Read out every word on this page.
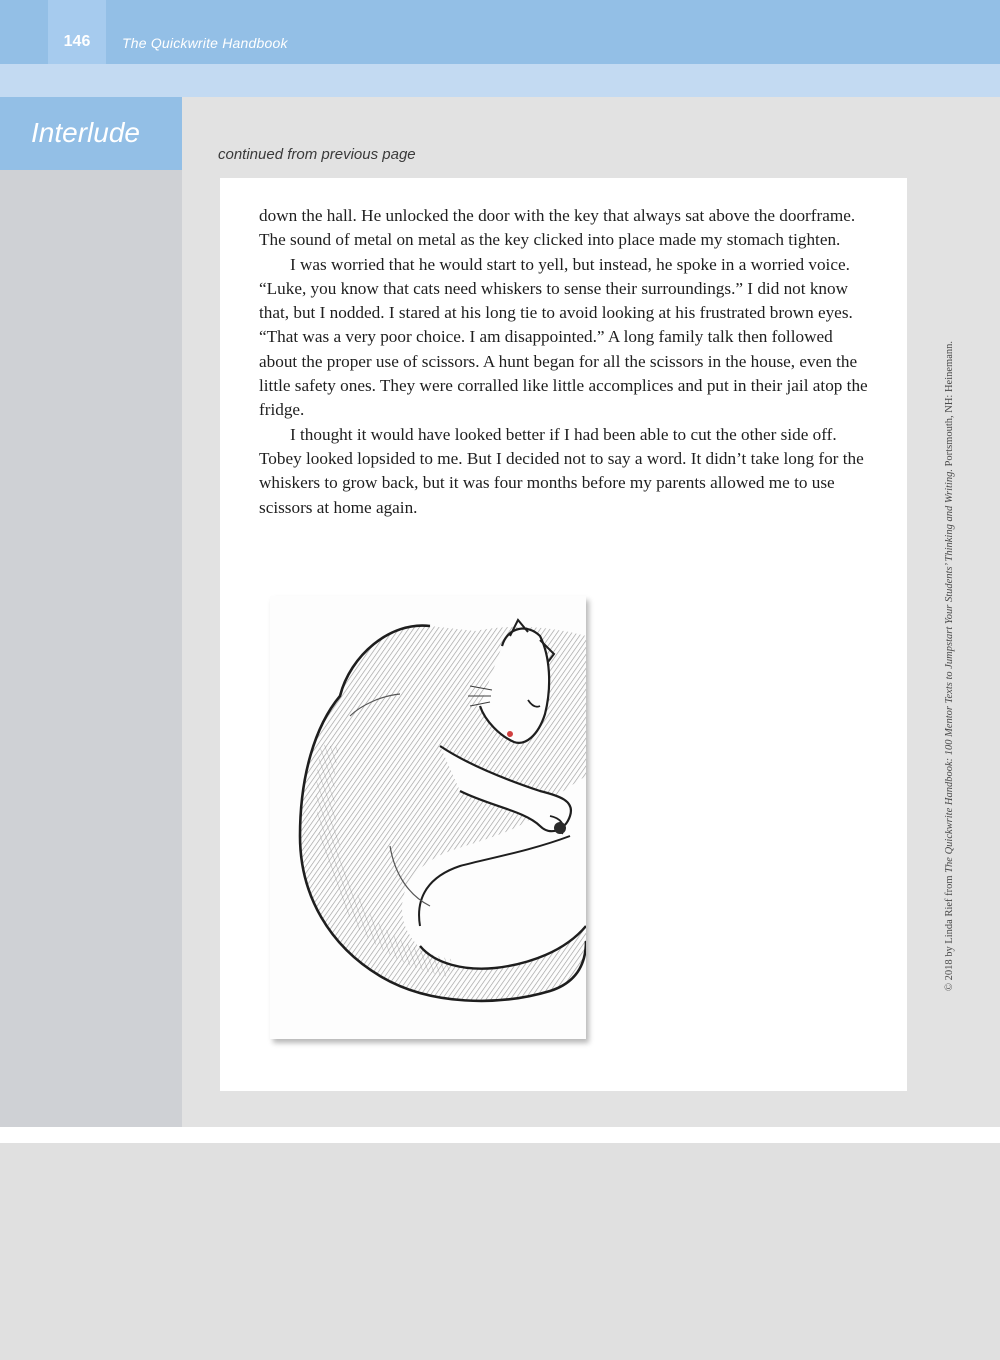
146	The Quickwrite Handbook
Interlude
continued from previous page

down the hall. He unlocked the door with the key that always sat above the doorframe. The sound of metal on metal as the key clicked into place made my stomach tighten.

I was worried that he would start to yell, but instead, he spoke in a worried voice. “Luke, you know that cats need whiskers to sense their surroundings.” I did not know that, but I nodded. I stared at his long tie to avoid looking at his frustrated brown eyes. “That was a very poor choice. I am disappointed.” A long family talk then followed about the proper use of scissors. A hunt began for all the scissors in the house, even the little safety ones. They were corralled like little accomplices and put in their jail atop the fridge.

I thought it would have looked better if I had been able to cut the other side off. Tobey looked lopsided to me. But I decided not to say a word. It didn’t take long for the whiskers to grow back, but it was four months before my parents allowed me to use scissors at home again.

© 2018 by Linda Rief from The Quickwrite Handbook: 100 Mentor Texts to Jumpstart Your Students’ Thinking and Writing. Portsmouth, NH: Heinemann.
